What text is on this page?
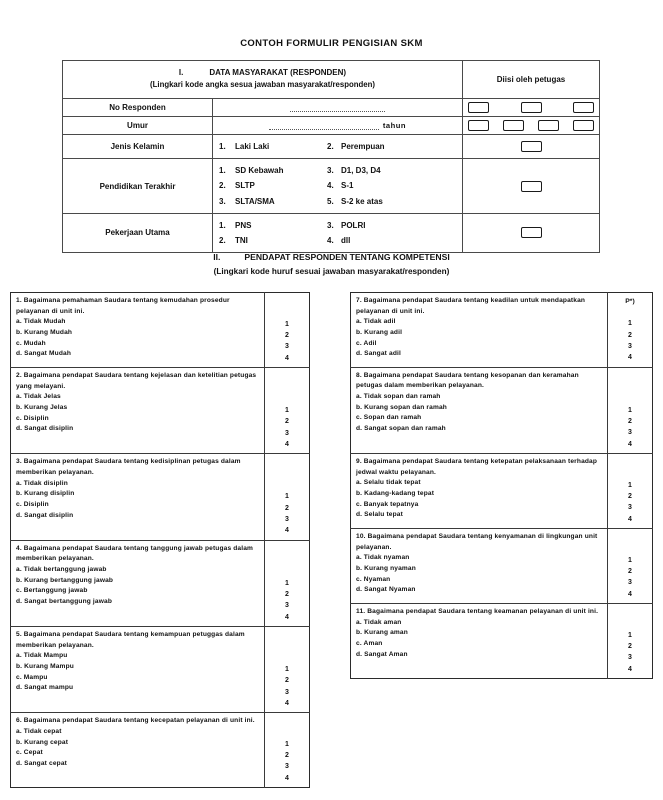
CONTOH FORMULIR PENGISIAN SKM
I. DATA MASYARAKAT (RESPONDEN)
(Lingkari kode angka sesua jawaban masyarakat/responden)		Diisi oleh petugas
No Responden	

Umur	tahun	

Jenis Kelamin	1. Laki Laki 2. Perempuan	

Pendidikan Terakhir	
1.	SD Kebawah	3. D1, D3, D4
2.	SLTP	4. S-1
3.	SLTA/SMA	5. S-2 ke atas

Pekerjaan Utama	
1.	PNS	3. POLRI
2.	TNI	4. dll

II.	PENDAPAT RESPONDEN TENTANG KOMPETENSI
(Lingkari kode huruf sesuai jawaban masyarakat/responden)
1. Bagaimana pemahaman Saudara tentang kemudahan prosedur pelayanan di unit ini.
a. Tidak Mudah
b. Kurang Mudah
c. Mudah
d. Sangat Mudah

1
2
3
4

2. Bagaimana pendapat Saudara tentang kejelasan dan ketelitian petugas yang melayani.
a. Tidak Jelas
b. Kurang Jelas
c. Disiplin
d. Sangat disiplin

1
2
3
4

3. Bagaimana pendapat Saudara tentang kedisiplinan petugas dalam memberikan pelayanan.
a. Tidak disiplin
b. Kurang disiplin
c. Disiplin
d. Sangat disiplin

1
2
3
4

4. Bagaimana pendapat Saudara tentang tanggung jawab petugas dalam memberikan pelayanan.
a. Tidak bertanggung jawab
b. Kurang bertanggung jawab
c. Bertanggung jawab
d. Sangat bertanggung jawab

1
2
3
4

5. Bagaimana pendapat Saudara tentang kemampuan petuggas dalam memberikan pelayanan.
a. Tidak Mampu
b. Kurang Mampu
c. Mampu
d. Sangat mampu

1
2
3
4

6. Bagaimana pendapat Saudara tentang kecepatan pelayanan di unit ini.
a. Tidak cepat
b. Kurang cepat
c. Cepat
d. Sangat cepat

1
2
3
4
7. Bagaimana pendapat Saudara tentang keadilan untuk mendapatkan pelayanan di unit ini.
a. Tidak adil
b. Kurang adil
c. Adil
d. Sangat adil

P*)
1
2
3
4

8. Bagaimana pendapat Saudara tentang kesopanan dan keramahan petugas dalam memberikan pelayanan.
a. Tidak sopan dan ramah
b. Kurang sopan dan ramah
c. Sopan dan ramah
d. Sangat sopan dan ramah

1
2
3
4

9. Bagaimana pendapat Saudara tentang ketepatan pelaksanaan terhadap jedwal waktu pelayanan.
a. Selalu tidak tepat
b. Kadang-kadang tepat
c. Banyak tepatnya
d. Selalu tepat

1
2
3
4

10. Bagaimana pendapat Saudara tentang kenyamanan di lingkungan unit pelayanan.
a. Tidak nyaman
b. Kurang nyaman
c. Nyaman
d. Sangat Nyaman

1
2
3
4

11. Bagaimana pendapat Saudara tentang keamanan pelayanan di unit ini.
a. Tidak aman
b. Kurang aman
c. Aman
d. Sangat Aman

1
2
3
4
